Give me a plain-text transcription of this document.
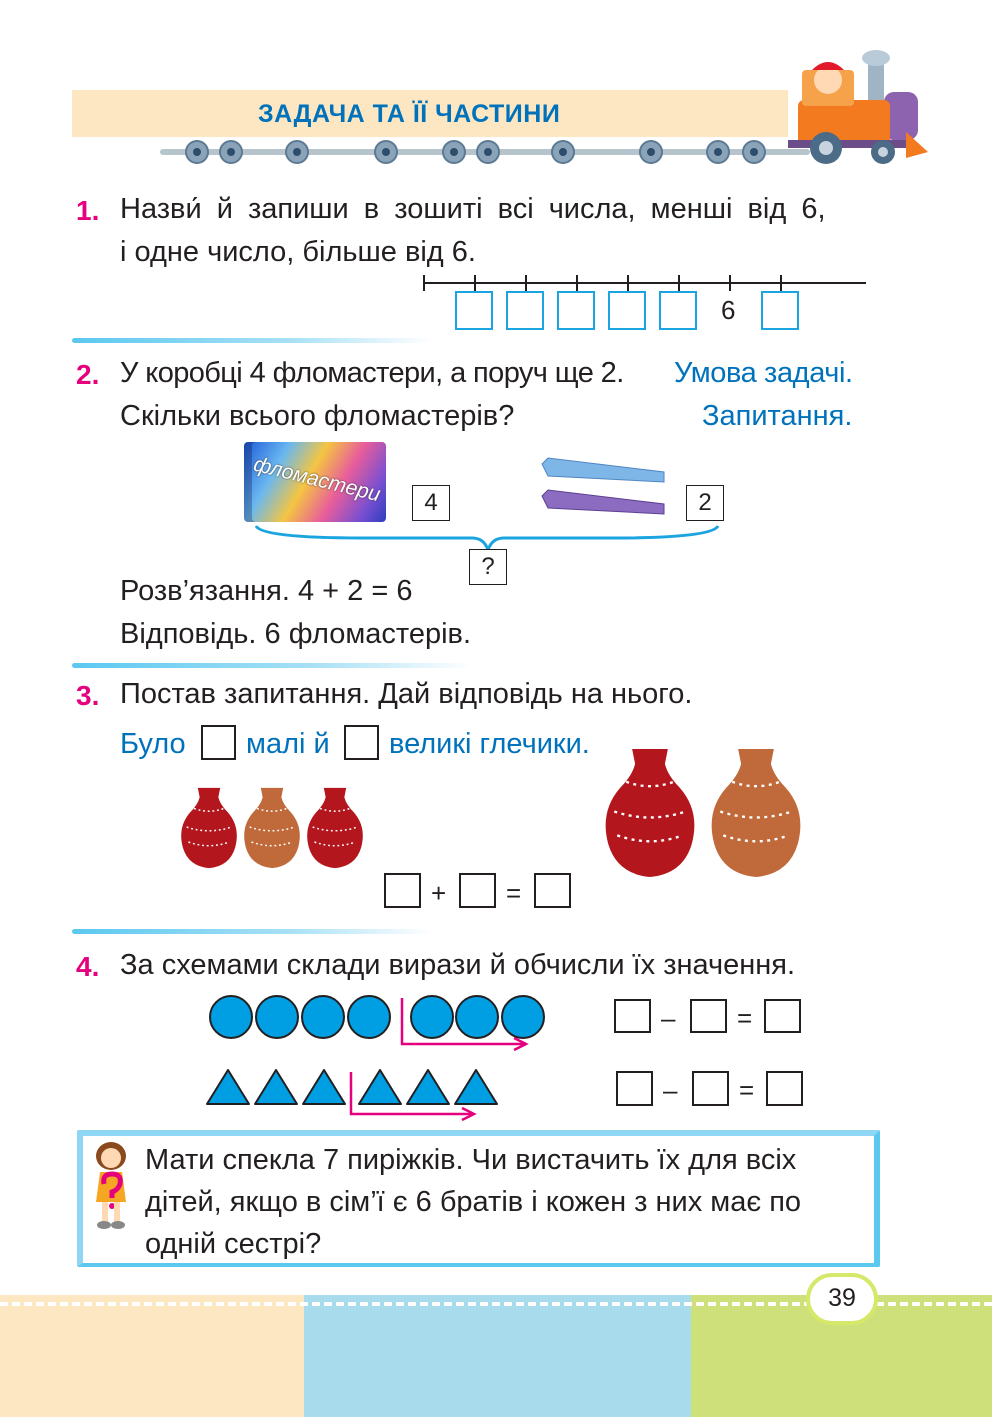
ЗАДАЧА ТА ЇЇ ЧАСТИНИ
1. Назви́ й запиши в зошиті всі числа, менші від 6,
і одне число, більше від 6.
6
2. У коробці 4 фломастери, а поруч ще 2. Умова задачі.
Скільки всього фломастерів?	Запитання.
фломастери	4	2
?
Розв’язання. 4 + 2 = 6
Відповідь. 6 фломастерів.
3. Постав запитання. Дай відповідь на нього.
Було малі й великі глечики.
+ =
4. За схемами склади вирази й обчисли їх значення.
– =
– =
Мати спекла 7 пиріжків. Чи вистачить їх для всіх
дітей, якщо в сім’ї є 6 братів і кожен з них має по
одній сестрі?
39
